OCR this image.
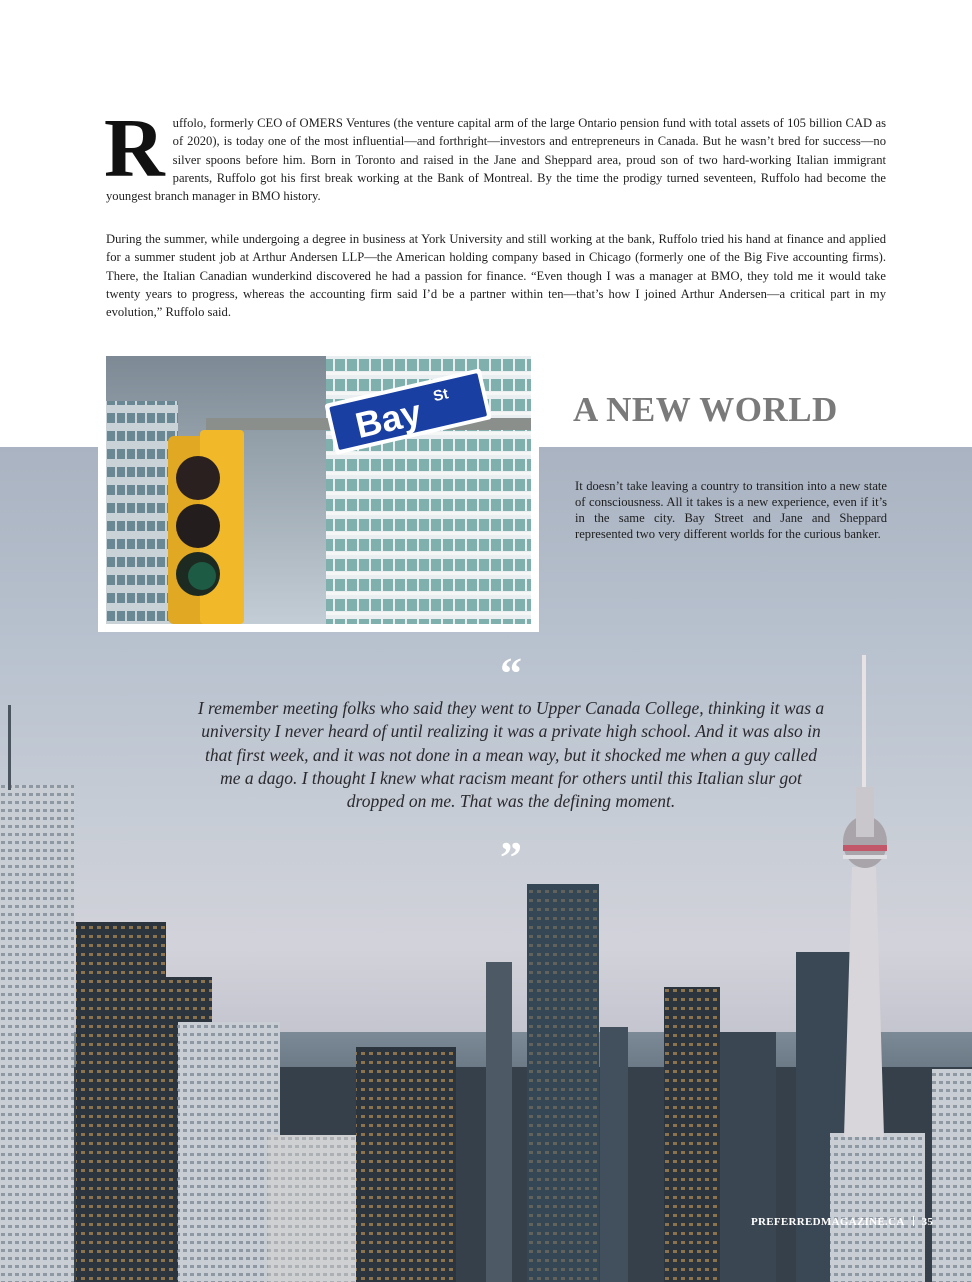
Ruffolo, formerly CEO of OMERS Ventures (the venture capital arm of the large Ontario pension fund with total assets of 105 billion CAD as of 2020), is today one of the most influential—and forthright—investors and entrepreneurs in Canada. But he wasn’t bred for success—no silver spoons before him. Born in Toronto and raised in the Jane and Sheppard area, proud son of two hard-working Italian immigrant parents, Ruffolo got his first break working at the Bank of Montreal. By the time the prodigy turned seventeen, Ruffolo had become the youngest branch manager in BMO history.

During the summer, while undergoing a degree in business at York University and still working at the bank, Ruffolo tried his hand at finance and applied for a summer student job at Arthur Andersen LLP—the American holding company based in Chicago (formerly one of the Big Five accounting firms). There, the Italian Canadian wunderkind discovered he had a passion for finance. “Even though I was a manager at BMO, they told me it would take twenty years to progress, whereas the accounting firm said I’d be a partner within ten—that’s how I joined Arthur Andersen—a critical part in my evolution,” Ruffolo said.

Bay St	A NEW WORLD

It doesn’t take leaving a country to transition into a new state of consciousness. All it takes is a new experience, even if it’s in the same city. Bay Street and Jane and Sheppard represented two very different worlds for the curious banker.

“

I remember meeting folks who said they went to Upper Canada College, thinking it was a university I never heard of until realizing it was a private high school. And it was also in that first week, and it was not done in a mean way, but it shocked me when a guy called me a dago. I thought I knew what racism meant for others until this Italian slur got dropped on me. That was the defining moment.

”
PREFERREDMAGAZINE.CA 35
